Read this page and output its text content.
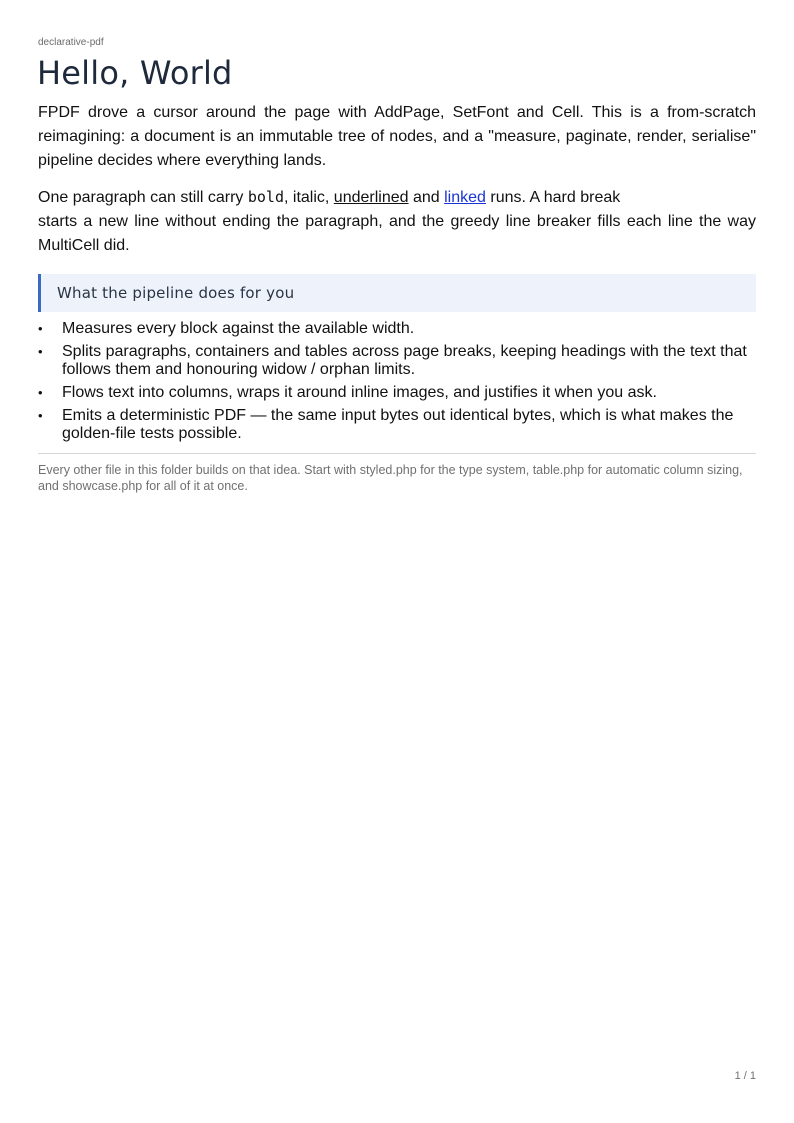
declarative-pdf

Hello, World

FPDF drove a cursor around the page with AddPage, SetFont and Cell. This is a from-scratch reimagining: a document is an immutable tree of nodes, and a "measure, paginate, render, serialise" pipeline decides where everything lands.

One paragraph can still carry bold, italic, underlined and linked runs. A hard break
starts a new line without ending the paragraph, and the greedy line breaker fills each line the way MultiCell did.

What the pipeline does for you
• Measures every block against the available width.
• Splits paragraphs, containers and tables across page breaks, keeping headings with the text that follows them and honouring widow / orphan limits.
• Flows text into columns, wraps it around inline images, and justifies it when you ask.
• Emits a deterministic PDF — the same input bytes out identical bytes, which is what makes the golden-file tests possible.

Every other file in this folder builds on that idea. Start with styled.php for the type system, table.php for automatic column sizing, and showcase.php for all of it at once.

1 / 1
